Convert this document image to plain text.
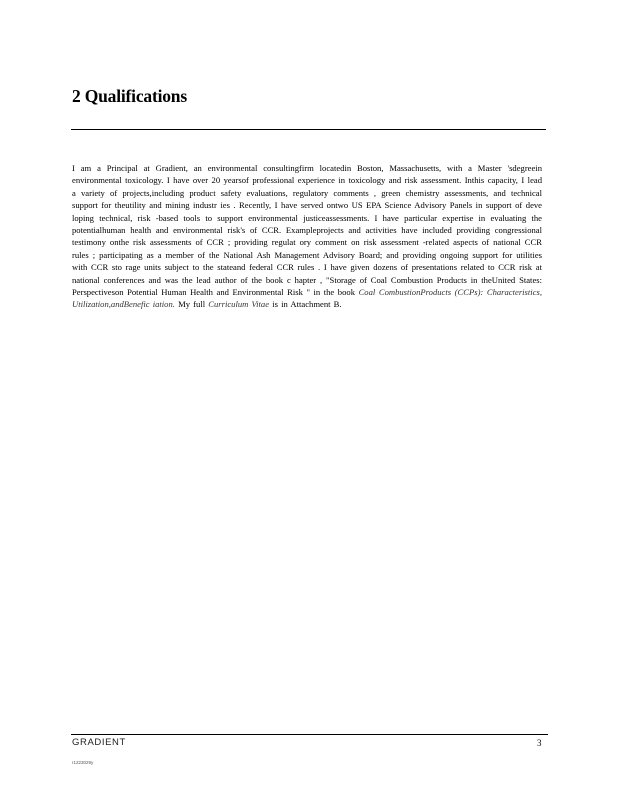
2 Qualifications
I am a Principal at Gradient, an environmental consultingfirm locatedin Boston, Massachusetts, with a Master 'sdegreein environmental toxicology. I have over 20 yearsof professional experience in toxicology and risk assessment. Inthis capacity, I lead a variety of projects,including product safety evaluations, regulatory comments , green chemistry assessments, and technical support for theutility and mining industr ies . Recently, I have served ontwo US EPA Science Advisory Panels in support of deve loping technical, risk -based tools to support environmental justiceassessments. I have particular expertise in evaluating the potentialhuman health and environmental risk's of CCR. Exampleprojects and activities have included providing congressional testimony onthe risk assessments of CCR ; providing regulat ory comment on risk assessment -related aspects of national CCR rules ; participating as a member of the National Ash Management Advisory Board; and providing ongoing support for utilities with CCR sto rage units subject to the stateand federal CCR rules . I have given dozens of presentations related to CCR risk at national conferences and was the lead author of the book c hapter , "Storage of Coal Combustion Products in theUnited States: Perspectiveson Potential Human Health and Environmental Risk " in the book Coal CombustionProducts (CCPs): Characteristics, Utilization,andBenefic iation. My full Curriculum Vitae is in Attachment B.
GRADIENT	3
r1223029y
